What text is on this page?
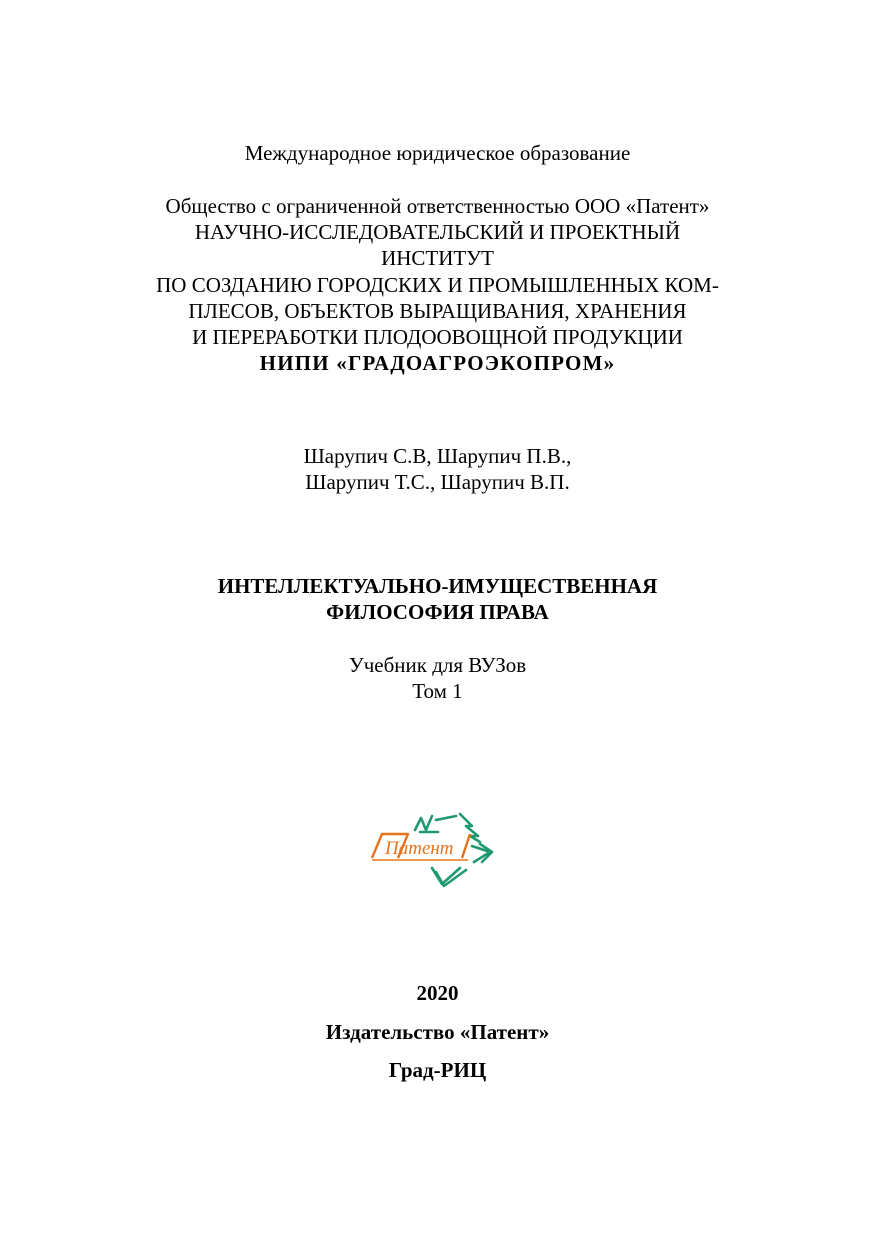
Международное юридическое образование
Общество с ограниченной ответственностью ООО «Патент»
НАУЧНО-ИССЛЕДОВАТЕЛЬСКИЙ И ПРОЕКТНЫЙ
ИНСТИТУТ
ПО СОЗДАНИЮ ГОРОДСКИХ И ПРОМЫШЛЕННЫХ КОМ-
ПЛЕСОВ, ОБЪЕКТОВ ВЫРАЩИВАНИЯ, ХРАНЕНИЯ
И ПЕРЕРАБОТКИ ПЛОДООВОЩНОЙ ПРОДУКЦИИ
НИПИ «ГРАДОАГРОЭКОПРОМ»
Шарупич С.В, Шарупич П.В.,
Шарупич Т.С., Шарупич В.П.
ИНТЕЛЛЕКТУАЛЬНО-ИМУЩЕСТВЕННАЯ
ФИЛОСОФИЯ ПРАВА
Учебник для ВУЗов
Том 1
Патент
2020
Издательство «Патент»
Град-РИЦ
